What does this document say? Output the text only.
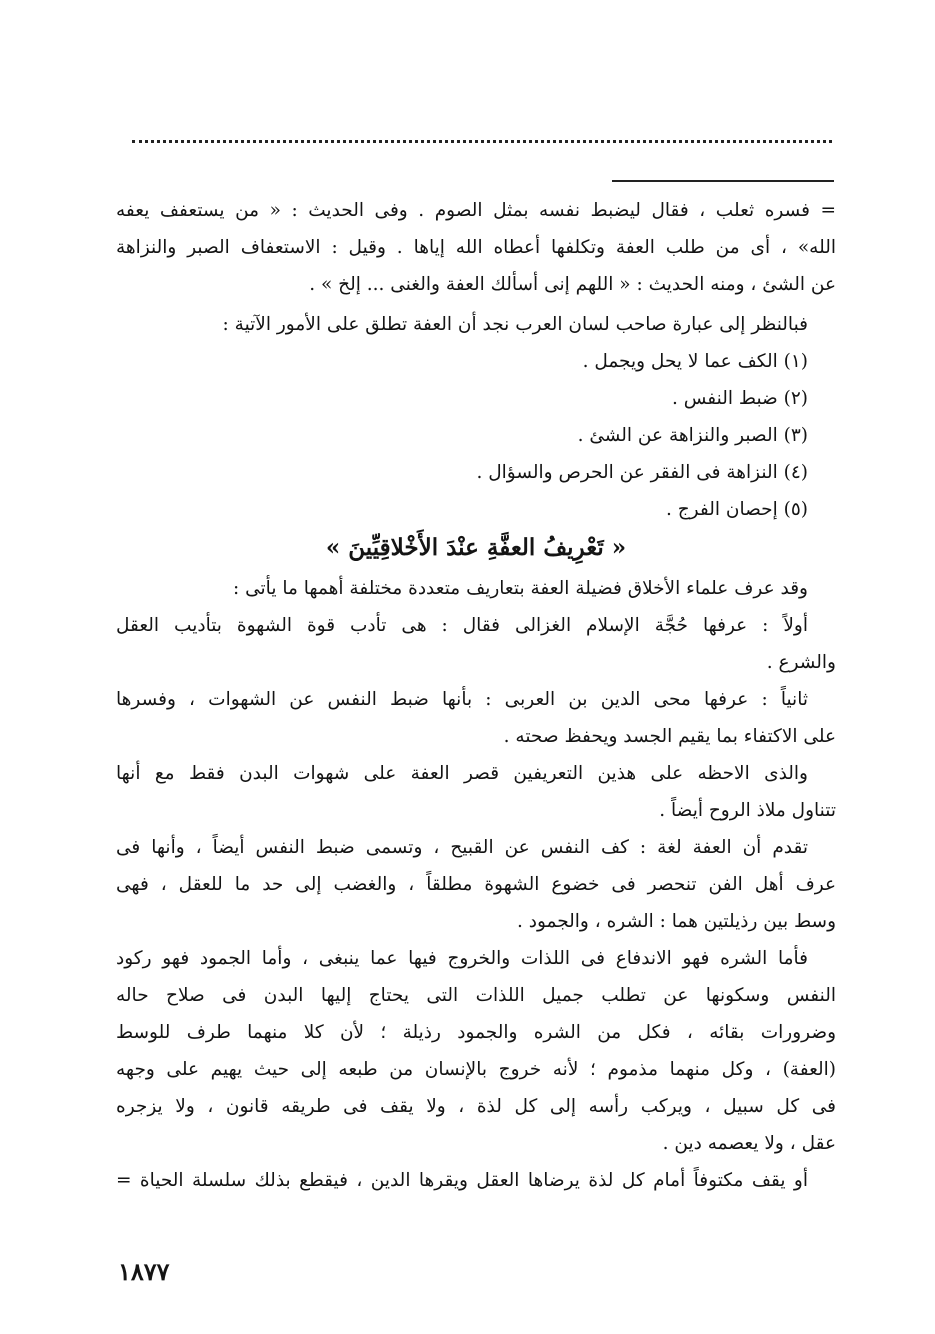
= فسره ثعلب ، فقال ليضبط نفسه بمثل الصوم . وفى الحديث : « من يستعفف يعفه
الله» ، أى من طلب العفة وتكلفها أعطاه الله إياها . وقيل : الاستعفاف الصبر والنزاهة
عن الشئ ، ومنه الحديث : « اللهم إنى أسألك العفة والغنى ... إلخ » .
فبالنظر إلى عبارة صاحب لسان العرب نجد أن العفة تطلق على الأمور الآتية :
(١) الكف عما لا يحل ويجمل .
(٢) ضبط النفس .
(٣) الصبر والنزاهة عن الشئ .
(٤) النزاهة فى الفقر عن الحرص والسؤال .
(٥) إحصان الفرج .
« تَعْرِيفُ العفَّةِ عنْدَ الأَخْلاقِيِّينَ »
وقد عرف علماء الأخلاق فضيلة العفة بتعاريف متعددة مختلفة أهمها ما يأتى :
أولاً : عرفها حُجَّة الإسلام الغزالى فقال : هى تأدب قوة الشهوة بتأديب العقل
والشرع .
ثانياً : عرفها محى الدين بن العربى : بأنها ضبط النفس عن الشهوات ، وفسرها
على الاكتفاء بما يقيم الجسد ويحفظ صحته .
والذى الاحظه على هذين التعريفين قصر العفة على شهوات البدن فقط مع أنها
تتناول ملاذ الروح أيضاً .
تقدم أن العفة لغة : كف النفس عن القبيح ، وتسمى ضبط النفس أيضاً ، وأنها فى
عرف أهل الفن تنحصر فى خضوع الشهوة مطلقاً ، والغضب إلى حد ما للعقل ، فهى
وسط بين رذيلتين هما : الشره ، والجمود .
فأما الشره فهو الاندفاع فى اللذات والخروج فيها عما ينبغى ، وأما الجمود فهو ركود
النفس وسكونها عن تطلب جميل اللذات التى يحتاج إليها البدن فى صلاح حاله
وضرورات بقائه ، فكل من الشره والجمود رذيلة ؛ لأن كلا منهما طرف للوسط
(العفة) ، وكل منهما مذموم ؛ لأنه خروج بالإنسان من طبعه إلى حيث يهيم على وجهه
فى كل سبيل ، ويركب رأسه إلى كل لذة ، ولا يقف فى طريقه قانون ، ولا يزجره
عقل ، ولا يعصمه دين .
أو يقف مكتوفاً أمام كل لذة يرضاها العقل ويقرها الدين ، فيقطع بذلك سلسلة الحياة =
١٨٧٧
